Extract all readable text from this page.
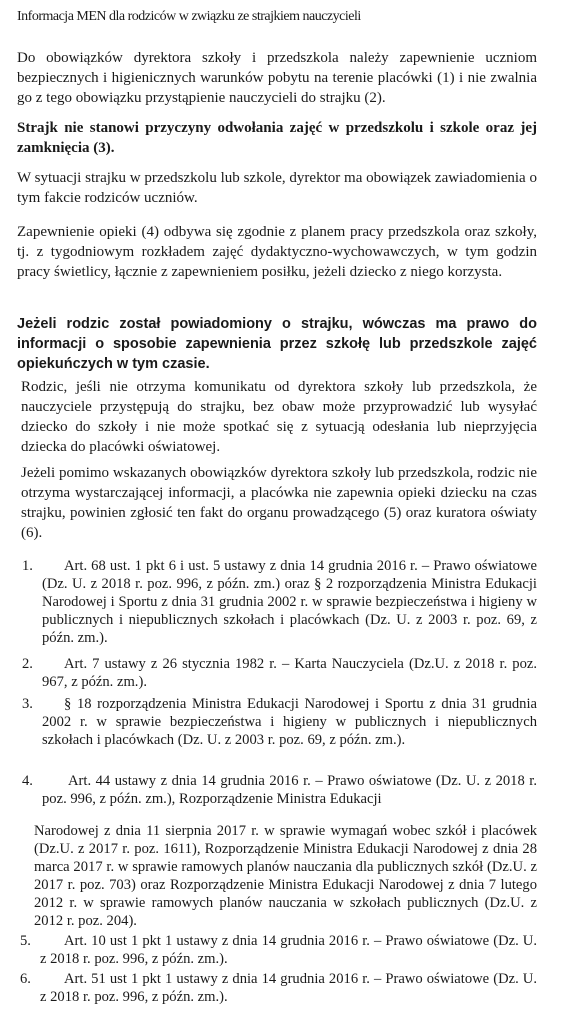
Informacja MEN dla rodziców w związku ze strajkiem nauczycieli
Do obowiązków dyrektora szkoły i przedszkola należy zapewnienie uczniom bezpiecznych i higienicznych warunków pobytu na terenie placówki (1) i nie zwalnia go z tego obowiązku przystąpienie nauczycieli do strajku (2).
Strajk nie stanowi przyczyny odwołania zajęć w przedszkolu i szkole oraz jej zamknięcia (3).
W sytuacji strajku w przedszkolu lub szkole, dyrektor ma obowiązek zawiadomienia o tym fakcie rodziców uczniów.
Zapewnienie opieki (4) odbywa się zgodnie z planem pracy przedszkola oraz szkoły, tj. z tygodniowym rozkładem zajęć dydaktyczno-wychowawczych, w tym godzin pracy świetlicy, łącznie z zapewnieniem posiłku, jeżeli dziecko z niego korzysta.
Jeżeli rodzic został powiadomiony o strajku, wówczas ma prawo do informacji o sposobie zapewnienia przez szkołę lub przedszkole zajęć opiekuńczych w tym czasie.
Rodzic, jeśli nie otrzyma komunikatu od dyrektora szkoły lub przedszkola, że nauczyciele przystępują do strajku, bez obaw może przyprowadzić lub wysyłać dziecko do szkoły i nie może spotkać się z sytuacją odesłania lub nieprzyjęcia dziecka do placówki oświatowej.
Jeżeli pomimo wskazanych obowiązków dyrektora szkoły lub przedszkola, rodzic nie otrzyma wystarczającej informacji, a placówka nie zapewnia opieki dziecku na czas strajku, powinien zgłosić ten fakt do organu prowadzącego (5) oraz kuratora oświaty (6).
1.	Art. 68 ust. 1 pkt 6 i ust. 5 ustawy z dnia 14 grudnia 2016 r. – Prawo oświatowe (Dz. U. z 2018 r. poz. 996, z późn. zm.) oraz § 2 rozporządzenia Ministra Edukacji Narodowej i Sportu z dnia 31 grudnia 2002 r. w sprawie bezpieczeństwa i higieny w publicznych i niepublicznych szkołach i placówkach (Dz. U. z 2003 r. poz. 69, z późn. zm.).
2.	Art. 7 ustawy z 26 stycznia 1982 r. – Karta Nauczyciela (Dz.U. z 2018 r. poz. 967, z późn. zm.).
3.	§ 18 rozporządzenia Ministra Edukacji Narodowej i Sportu z dnia 31 grudnia 2002 r. w sprawie bezpieczeństwa i higieny w publicznych i niepublicznych szkołach i placówkach (Dz. U. z 2003 r. poz. 69, z późn. zm.).
4.	Art. 44 ustawy z dnia 14 grudnia 2016 r. – Prawo oświatowe (Dz. U. z 2018 r. poz. 996, z późn. zm.), Rozporządzenie Ministra Edukacji
Narodowej z dnia 11 sierpnia 2017 r. w sprawie wymagań wobec szkół i placówek (Dz.U. z 2017 r. poz. 1611), Rozporządzenie Ministra Edukacji Narodowej z dnia 28 marca 2017 r. w sprawie ramowych planów nauczania dla publicznych szkół (Dz.U. z 2017 r. poz. 703) oraz Rozporządzenie Ministra Edukacji Narodowej z dnia 7 lutego 2012 r. w sprawie ramowych planów nauczania w szkołach publicznych (Dz.U. z 2012 r. poz. 204).
5.	Art. 10 ust 1 pkt 1 ustawy z dnia 14 grudnia 2016 r. – Prawo oświatowe (Dz. U. z 2018 r. poz. 996, z późn. zm.).
6.	Art. 51 ust 1 pkt 1 ustawy z dnia 14 grudnia 2016 r. – Prawo oświatowe (Dz. U. z 2018 r. poz. 996, z późn. zm.).
